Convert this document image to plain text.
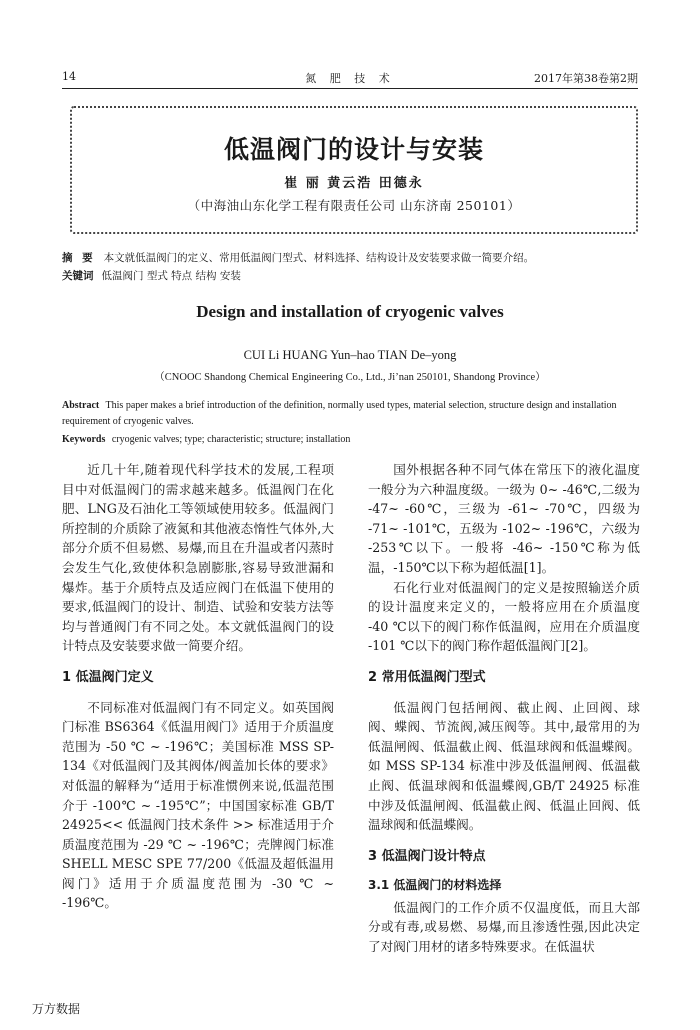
14	氮 肥 技 术	2017年第38卷第2期
低温阀门的设计与安装
崔 丽 黄云浩 田德永
（中海油山东化学工程有限责任公司 山东济南 250101）
摘 要 本文就低温阀门的定义、常用低温阀门型式、材料选择、结构设计及安装要求做一简要介绍。
关键词 低温阀门 型式 特点 结构 安装
Design and installation of cryogenic valves
CUI Li HUANG Yun–hao TIAN De–yong
（CNOOC Shandong Chemical Engineering Co., Ltd., Ji’nan 250101, Shandong Province）
Abstract This paper makes a brief introduction of the definition, normally used types, material selection, structure design and installation requirement of cryogenic valves.
Keywords cryogenic valves; type; characteristic; structure; installation

近几十年,随着现代科学技术的发展,工程项目中对低温阀门的需求越来越多。低温阀门在化肥、LNG及石油化工等领域使用较多。低温阀门所控制的介质除了液氮和其他液态惰性气体外,大部分介质不但易燃、易爆,而且在升温或者闪蒸时会发生气化,致使体积急剧膨胀,容易导致泄漏和爆炸。基于介质特点及适应阀门在低温下使用的要求,低温阀门的设计、制造、试验和安装方法等均与普通阀门有不同之处。本文就低温阀门的设计特点及安装要求做一简要介绍。

1 低温阀门定义

不同标准对低温阀门有不同定义。如英国阀门标准 BS6364《低温用阀门》适用于介质温度范围为 -50 ℃ ~ -196℃；美国标准 MSS SP-134《对低温阀门及其阀体/阀盖加长体的要求》对低温的解释为“适用于标准惯例来说,低温范围介于 -100℃ ~ -195℃”；中国国家标准 GB/T 24925<< 低温阀门技术条件 >> 标准适用于介质温度范围为 -29 ℃ ~ -196℃；壳牌阀门标准 SHELL MESC SPE 77/200《低温及超低温用阀门》适用于介质温度范围为 -30 ℃ ~ -196℃。

国外根据各种不同气体在常压下的液化温度一般分为六种温度级。一级为 0~ -46℃,二级为 -47~ -60℃，三级为 -61~ -70℃，四级为 -71~ -101℃，五级为 -102~ -196℃，六级为 -253℃以下。一般将 -46~ -150℃称为低温，-150℃以下称为超低温[1]。

石化行业对低温阀门的定义是按照输送介质的设计温度来定义的，一般将应用在介质温度 -40 ℃以下的阀门称作低温阀，应用在介质温度 -101 ℃以下的阀门称作超低温阀门[2]。

2 常用低温阀门型式

低温阀门包括闸阀、截止阀、止回阀、球阀、蝶阀、节流阀,减压阀等。其中,最常用的为低温闸阀、低温截止阀、低温球阀和低温蝶阀。如 MSS SP-134 标准中涉及低温闸阀、低温截止阀、低温球阀和低温蝶阀,GB/T 24925 标准中涉及低温闸阀、低温截止阀、低温止回阀、低温球阀和低温蝶阀。

3 低温阀门设计特点
3.1 低温阀门的材料选择

低温阀门的工作介质不仅温度低，而且大部分或有毒,或易燃、易爆,而且渗透性强,因此决定了对阀门用材的诸多特殊要求。在低温状

万方数据
